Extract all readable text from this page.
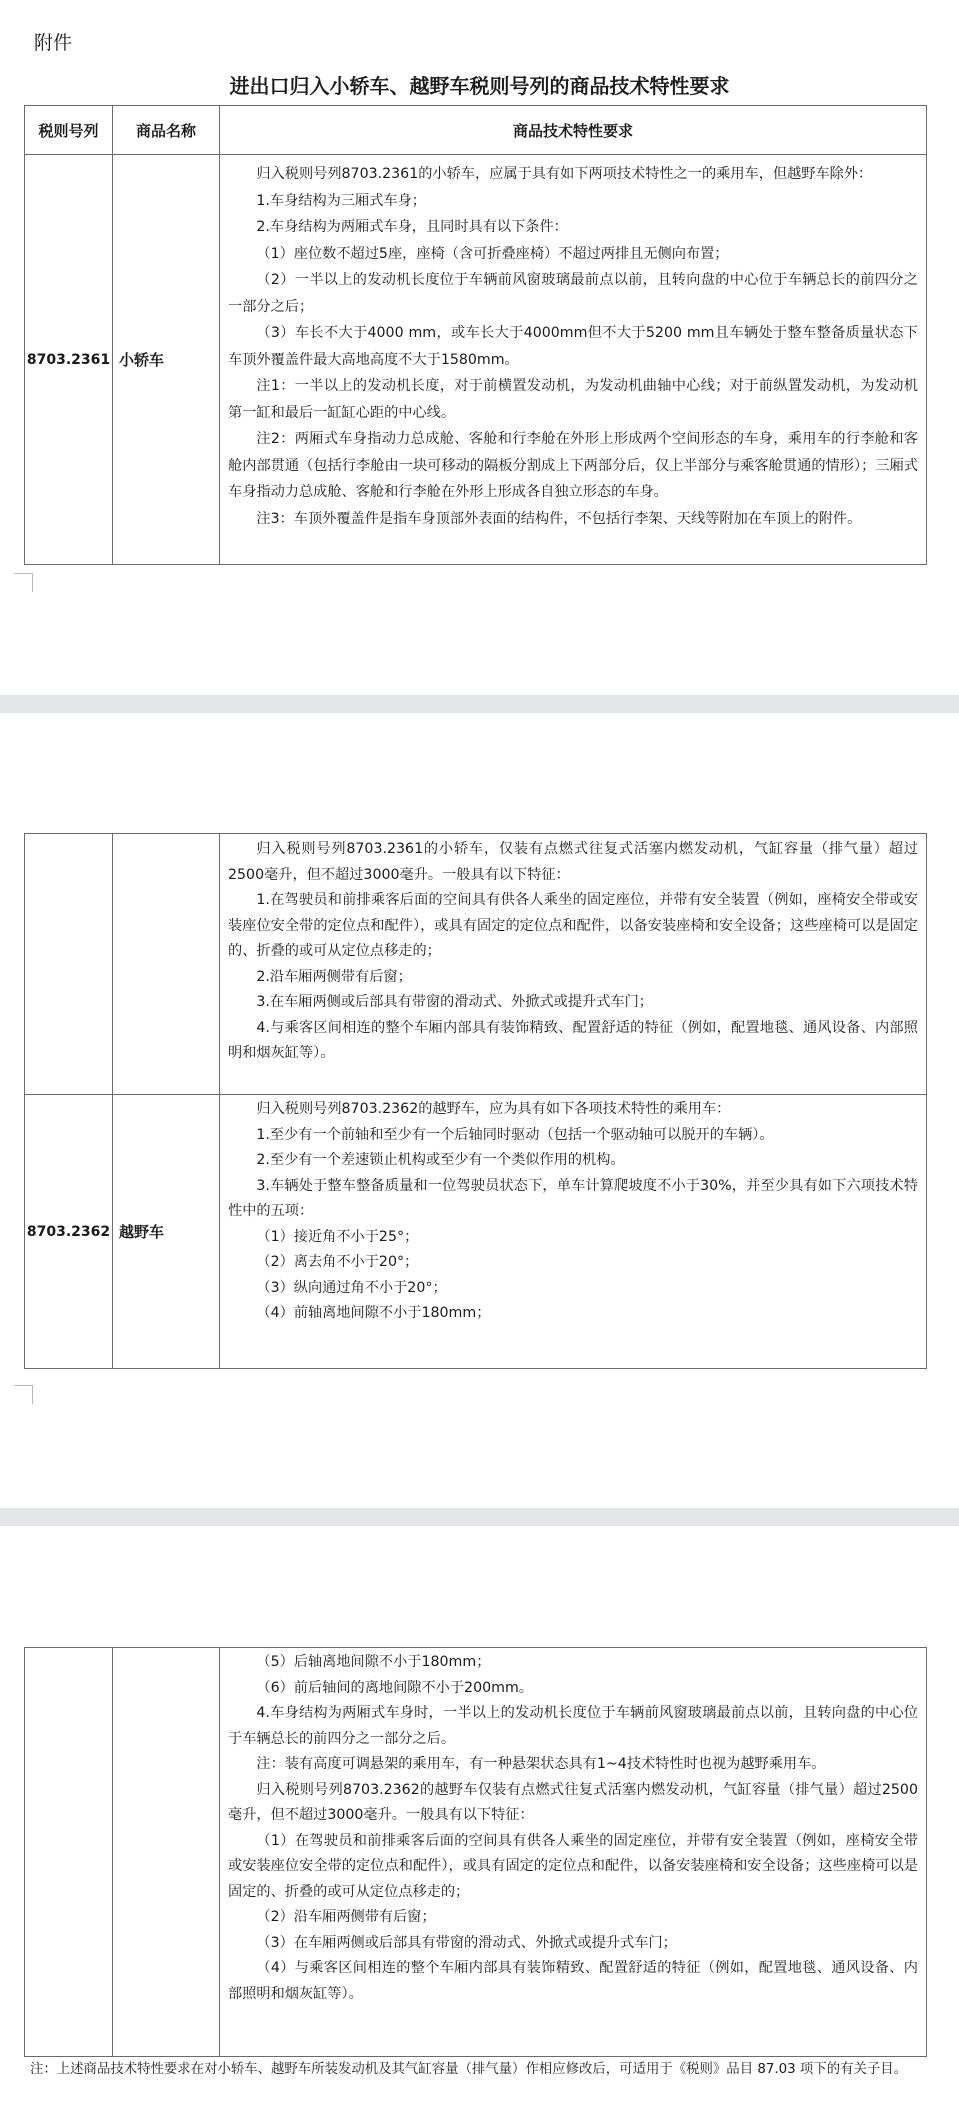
附件
进出口归入小轿车、越野车税则号列的商品技术特性要求
税则号列	商品名称	商品技术特性要求
8703.2361 小轿车

归入税则号列8703.2361的小轿车，应属于具有如下两项技术特性之一的乘用车，但越野车除外：

1.车身结构为三厢式车身；

2.车身结构为两厢式车身，且同时具有以下条件：

（1）座位数不超过5座，座椅（含可折叠座椅）不超过两排且无侧向布置；

（2）一半以上的发动机长度位于车辆前风窗玻璃最前点以前，且转向盘的中心位于车辆总长的前四分之一部分之后；

（3）车长不大于4000 mm，或车长大于4000mm但不大于5200 mm且车辆处于整车整备质量状态下车顶外覆盖件最大高地高度不大于1580mm。

注1：一半以上的发动机长度，对于前横置发动机，为发动机曲轴中心线；对于前纵置发动机，为发动机第一缸和最后一缸缸心距的中心线。

注2：两厢式车身指动力总成舱、客舱和行李舱在外形上形成两个空间形态的车身，乘用车的行李舱和客舱内部贯通（包括行李舱由一块可移动的隔板分割成上下两部分后，仅上半部分与乘客舱贯通的情形）；三厢式车身指动力总成舱、客舱和行李舱在外形上形成各自独立形态的车身。

注3：车顶外覆盖件是指车身顶部外表面的结构件，不包括行李架、天线等附加在车顶上的附件。

归入税则号列8703.2361的小轿车，仅装有点燃式往复式活塞内燃发动机，气缸容量（排气量）超过2500毫升，但不超过3000毫升。一般具有以下特征：

1.在驾驶员和前排乘客后面的空间具有供各人乘坐的固定座位，并带有安全装置（例如，座椅安全带或安装座位安全带的定位点和配件），或具有固定的定位点和配件，以备安装座椅和安全设备；这些座椅可以是固定的、折叠的或可从定位点移走的；

2.沿车厢两侧带有后窗；

3.在车厢两侧或后部具有带窗的滑动式、外掀式或提升式车门；

4.与乘客区间相连的整个车厢内部具有装饰精致、配置舒适的特征（例如，配置地毯、通风设备、内部照明和烟灰缸等）。

8703.2362 越野车

归入税则号列8703.2362的越野车，应为具有如下各项技术特性的乘用车：

1.至少有一个前轴和至少有一个后轴同时驱动（包括一个驱动轴可以脱开的车辆）。

2.至少有一个差速锁止机构或至少有一个类似作用的机构。

3.车辆处于整车整备质量和一位驾驶员状态下，单车计算爬坡度不小于30%，并至少具有如下六项技术特性中的五项：

（1）接近角不小于25°；

（2）离去角不小于20°；

（3）纵向通过角不小于20°；

（4）前轴离地间隙不小于180mm；

（5）后轴离地间隙不小于180mm；

（6）前后轴间的离地间隙不小于200mm。

4.车身结构为两厢式车身时，一半以上的发动机长度位于车辆前风窗玻璃最前点以前，且转向盘的中心位于车辆总长的前四分之一部分之后。

注：装有高度可调悬架的乘用车，有一种悬架状态具有1~4技术特性时也视为越野乘用车。

归入税则号列8703.2362的越野车仅装有点燃式往复式活塞内燃发动机，气缸容量（排气量）超过2500毫升，但不超过3000毫升。一般具有以下特征：

（1）在驾驶员和前排乘客后面的空间具有供各人乘坐的固定座位，并带有安全装置（例如，座椅安全带或安装座位安全带的定位点和配件），或具有固定的定位点和配件，以备安装座椅和安全设备；这些座椅可以是固定的、折叠的或可从定位点移走的；

（2）沿车厢两侧带有后窗；

（3）在车厢两侧或后部具有带窗的滑动式、外掀式或提升式车门；

（4）与乘客区间相连的整个车厢内部具有装饰精致、配置舒适的特征（例如，配置地毯、通风设备、内部照明和烟灰缸等）。

注：上述商品技术特性要求在对小轿车、越野车所装发动机及其气缸容量（排气量）作相应修改后，可适用于《税则》品目 87.03 项下的有关子目。
